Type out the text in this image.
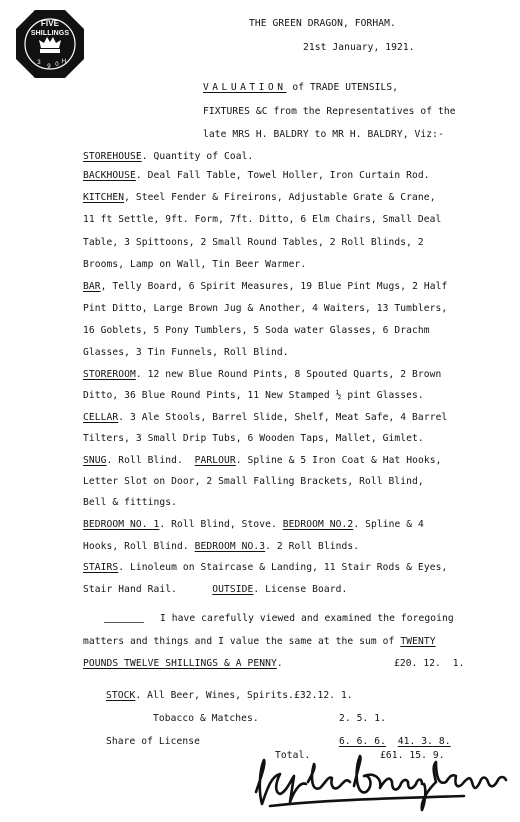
FIVE
SHILLINGS
3
9 0 H
THE GREEN DRAGON, FORHAM.
21st January, 1921.
VALUATION of TRADE UTENSILS,
FIXTURES &C from the Representatives of the
late MRS H. BALDRY to MR H. BALDRY, Viz:-
STOREHOUSE. Quantity of Coal.
BACKHOUSE. Deal Fall Table, Towel Holler, Iron Curtain Rod.
KITCHEN, Steel Fender & Fireirons, Adjustable Grate & Crane,
11 ft Settle, 9ft. Form, 7ft. Ditto, 6 Elm Chairs, Small Deal
Table, 3 Spittoons, 2 Small Round Tables, 2 Roll Blinds, 2
Brooms, Lamp on Wall, Tin Beer Warmer.
BAR, Telly Board, 6 Spirit Measures, 19 Blue Pint Mugs, 2 Half
Pint Ditto, Large Brown Jug & Another, 4 Waiters, 13 Tumblers,
16 Goblets, 5 Pony Tumblers, 5 Soda water Glasses, 6 Drachm
Glasses, 3 Tin Funnels, Roll Blind.
STOREROOM. 12 new Blue Round Pints, 8 Spouted Quarts, 2 Brown
Ditto, 36 Blue Round Pints, 11 New Stamped ½ pint Glasses.
CELLAR. 3 Ale Stools, Barrel Slide, Shelf, Meat Safe, 4 Barrel
Tilters, 3 Small Drip Tubs, 6 Wooden Taps, Mallet, Gimlet.
SNUG. Roll Blind.  PARLOUR. Spline & 5 Iron Coat & Hat Hooks,
Letter Slot on Door, 2 Small Falling Brackets, Roll Blind,
Bell & fittings.
BEDROOM NO. 1. Roll Blind, Stove. BEDROOM NO.2. Spline & 4
Hooks, Roll Blind. BEDROOM NO.3. 2 Roll Blinds.
STAIRS. Linoleum on Staircase & Landing, 11 Stair Rods & Eyes,
Stair Hand Rail.      OUTSIDE. License Board.
I have carefully viewed and examined the foregoing
matters and things and I value the same at the sum of TWENTY
POUNDS TWELVE SHILLINGS & A PENNY.	£20. 12.  1.
STOCK. All Beer, Wines, Spirits.£32.12. 1.
Tobacco & Matches.	2. 5. 1.
Share of License	6. 6. 6. 41. 3. 8.
Total.	£61. 15. 9.
